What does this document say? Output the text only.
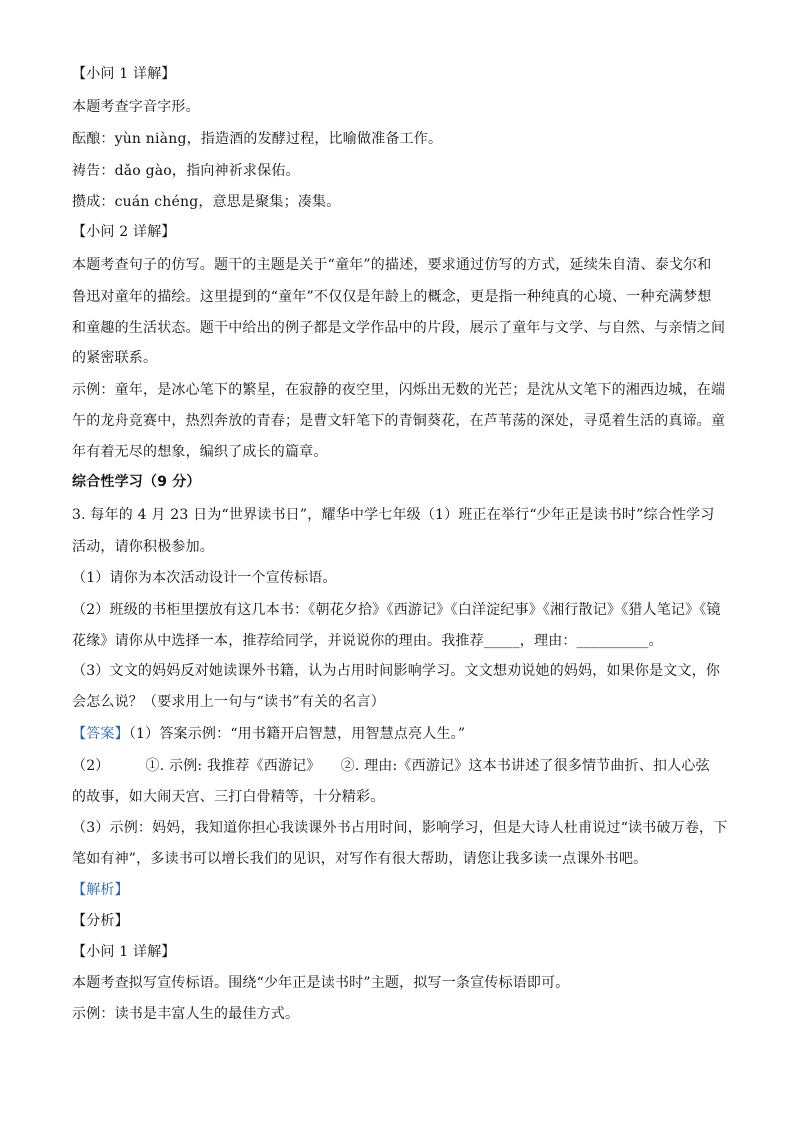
【小问 1 详解】
本题考查字音字形。
酝酿：yùn niàng，指造酒的发酵过程，比喻做准备工作。
祷告：dǎo gào，指向神祈求保佑。
攒成：cuán chéng，意思是聚集；凑集。
【小问 2 详解】
本题考查句子的仿写。题干的主题是关于“童年”的描述，要求通过仿写的方式，延续朱自清、泰戈尔和
鲁迅对童年的描绘。这里提到的“童年”不仅仅是年龄上的概念，更是指一种纯真的心境、一种充满梦想
和童趣的生活状态。题干中给出的例子都是文学作品中的片段，展示了童年与文学、与自然、与亲情之间
的紧密联系。
示例：童年，是冰心笔下的繁星，在寂静的夜空里，闪烁出无数的光芒；是沈从文笔下的湘西边城，在端
午的龙舟竞赛中，热烈奔放的青春；是曹文轩笔下的青铜葵花，在芦苇荡的深处，寻觅着生活的真谛。童
年有着无尽的想象，编织了成长的篇章。
综合性学习（9 分）
3. 每年的 4 月 23 日为“世界读书日”，耀华中学七年级（1）班正在举行“少年正是读书时”综合性学习
活动，请你积极参加。
（1）请你为本次活动设计一个宣传标语。
（2）班级的书柜里摆放有这几本书：《朝花夕拾》《西游记》《白洋淀纪事》《湘行散记》《猎人笔记》《镜
花缘》请你从中选择一本，推荐给同学，并说说你的理由。我推荐_____，理由：__________。
（3）文文的妈妈反对她读课外书籍，认为占用时间影响学习。文文想劝说她的妈妈，如果你是文文，你
会怎么说？（要求用上一句与“读书”有关的名言）
【答案】（1）答案示例：“用书籍开启智慧，用智慧点亮人生。”
（2）	①. 示例: 我推荐《西游记》 ②. 理由:《西游记》这本书讲述了很多情节曲折、扣人心弦
的故事，如大闹天宫、三打白骨精等，十分精彩。
（3）示例：妈妈，我知道你担心我读课外书占用时间，影响学习，但是大诗人杜甫说过“读书破万卷，下
笔如有神”，多读书可以增长我们的见识，对写作有很大帮助，请您让我多读一点课外书吧。
【解析】
【分析】
【小问 1 详解】
本题考查拟写宣传标语。围绕“少年正是读书时”主题，拟写一条宣传标语即可。
示例：读书是丰富人生的最佳方式。
